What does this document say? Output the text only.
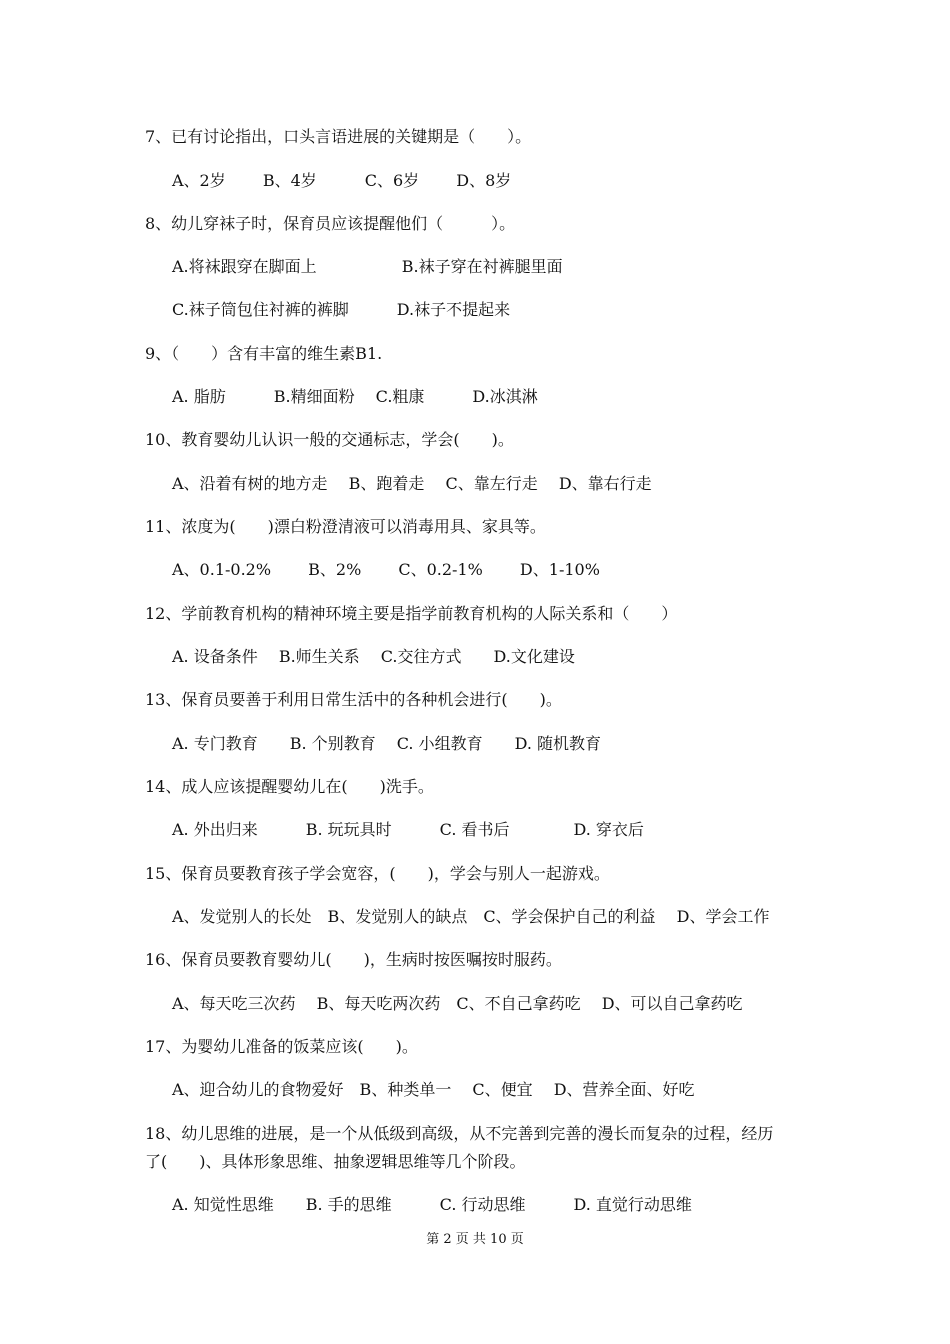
7、已有讨论指出，口头言语进展的关键期是（　　）。
A、2岁　　 B、4岁　　　C、6岁　　 D、8岁
8、幼儿穿袜子时，保育员应该提醒他们（　　　）。
A.将袜跟穿在脚面上　　　　　 B.袜子穿在衬裤腿里面
C.袜子筒包住衬裤的裤脚　　　D.袜子不提起来
9、（　　）含有丰富的维生素B1.
A. 脂肪　　　B.精细面粉　 C.粗康　　　D.冰淇淋
10、教育婴幼儿认识一般的交通标志，学会(　　)。
A、沿着有树的地方走　 B、跑着走　 C、靠左行走　 D、靠右行走
11、浓度为(　　)漂白粉澄清液可以消毒用具、家具等。
A、0.1-0.2%　　 B、2%　　 C、0.2-1%　　 D、1-10%
12、学前教育机构的精神环境主要是指学前教育机构的人际关系和（　　）
A. 设备条件　 B.师生关系　 C.交往方式　　D.文化建设
13、保育员要善于利用日常生活中的各种机会进行(　　)。
A. 专门教育　　B. 个别教育　 C. 小组教育　　D. 随机教育
14、成人应该提醒婴幼儿在(　　)洗手。
A. 外出归来　　　B. 玩玩具时　　　C. 看书后　　　　D. 穿衣后
15、保育员要教育孩子学会宽容，(　　)，学会与别人一起游戏。
A、发觉别人的长处　B、发觉别人的缺点　C、学会保护自己的利益　 D、学会工作
16、保育员要教育婴幼儿(　　)，生病时按医嘱按时服药。
A、每天吃三次药　 B、每天吃两次药　C、不自己拿药吃　 D、可以自己拿药吃
17、为婴幼儿准备的饭菜应该(　　)。
A、迎合幼儿的食物爱好　B、种类单一　 C、便宜　 D、营养全面、好吃
18、幼儿思维的进展，是一个从低级到高级，从不完善到完善的漫长而复杂的过程，经历
了(　　)、具体形象思维、抽象逻辑思维等几个阶段。
A. 知觉性思维　　B. 手的思维　　　C. 行动思维　　　D. 直觉行动思维
第 2 页 共 10 页
